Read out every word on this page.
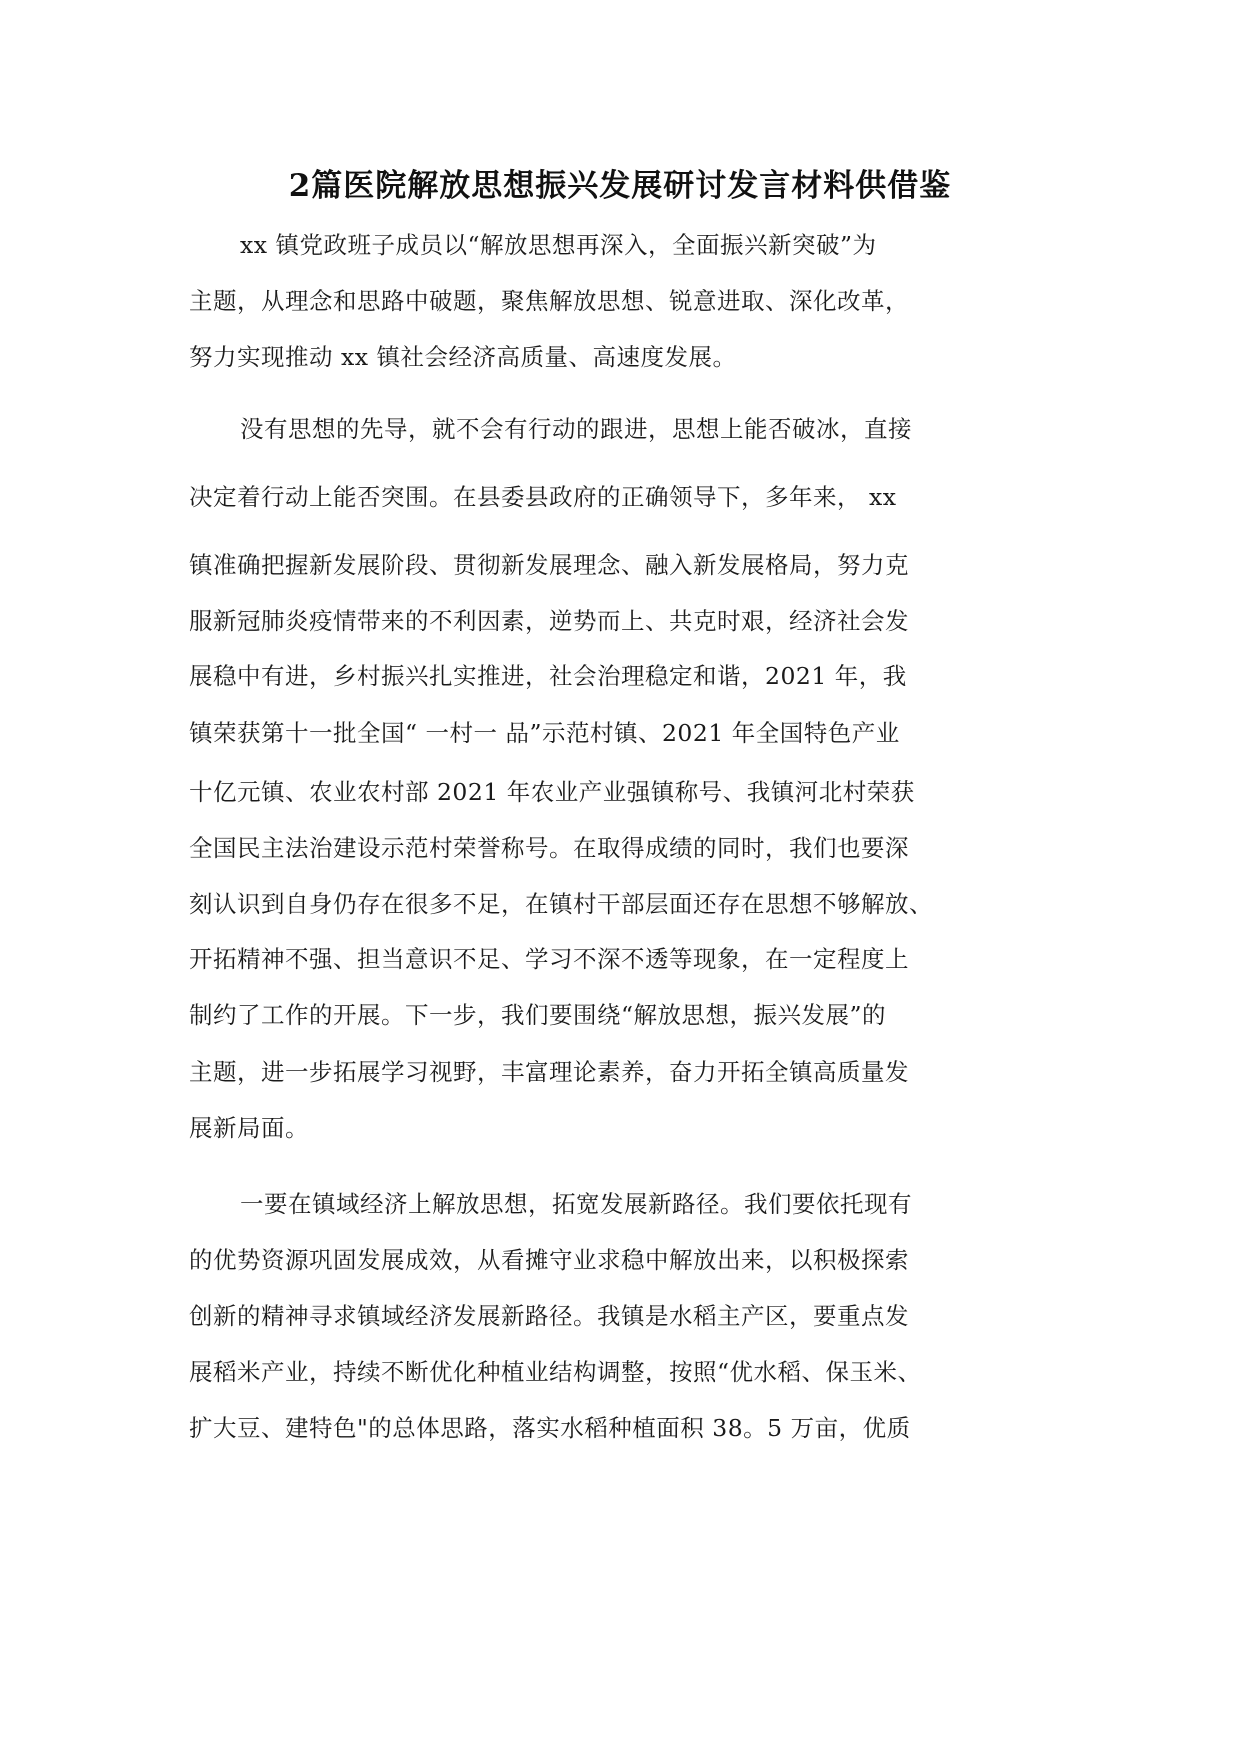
2篇医院解放思想振兴发展研讨发言材料供借鉴
xx 镇党政班子成员以“解放思想再深入，全面振兴新突破”为
主题，从理念和思路中破题，聚焦解放思想、锐意进取、深化改革，
努力实现推动 xx 镇社会经济高质量、高速度发展。
没有思想的先导，就不会有行动的跟进，思想上能否破冰，直接
决定着行动上能否突围。在县委县政府的正确领导下，多年来， xx
镇准确把握新发展阶段、贯彻新发展理念、融入新发展格局，努力克
服新冠肺炎疫情带来的不利因素，逆势而上、共克时艰，经济社会发
展稳中有进，乡村振兴扎实推进，社会治理稳定和谐，2021 年，我
镇荣获第十一批全国“ 一村一 品”示范村镇、2021 年全国特色产业
十亿元镇、农业农村部 2021 年农业产业强镇称号、我镇河北村荣获
全国民主法治建设示范村荣誉称号。在取得成绩的同时，我们也要深
刻认识到自身仍存在很多不足，在镇村干部层面还存在思想不够解放、
开拓精神不强、担当意识不足、学习不深不透等现象，在一定程度上
制约了工作的开展。下一步，我们要围绕“解放思想，振兴发展”的
主题，进一步拓展学习视野，丰富理论素养，奋力开拓全镇高质量发
展新局面。
一要在镇域经济上解放思想，拓宽发展新路径。我们要依托现有
的优势资源巩固发展成效，从看摊守业求稳中解放出来，以积极探索
创新的精神寻求镇域经济发展新路径。我镇是水稻主产区，要重点发
展稻米产业，持续不断优化种植业结构调整，按照“优水稻、保玉米、
扩大豆、建特色"的总体思路，落实水稻种植面积 38。5 万亩，优质
